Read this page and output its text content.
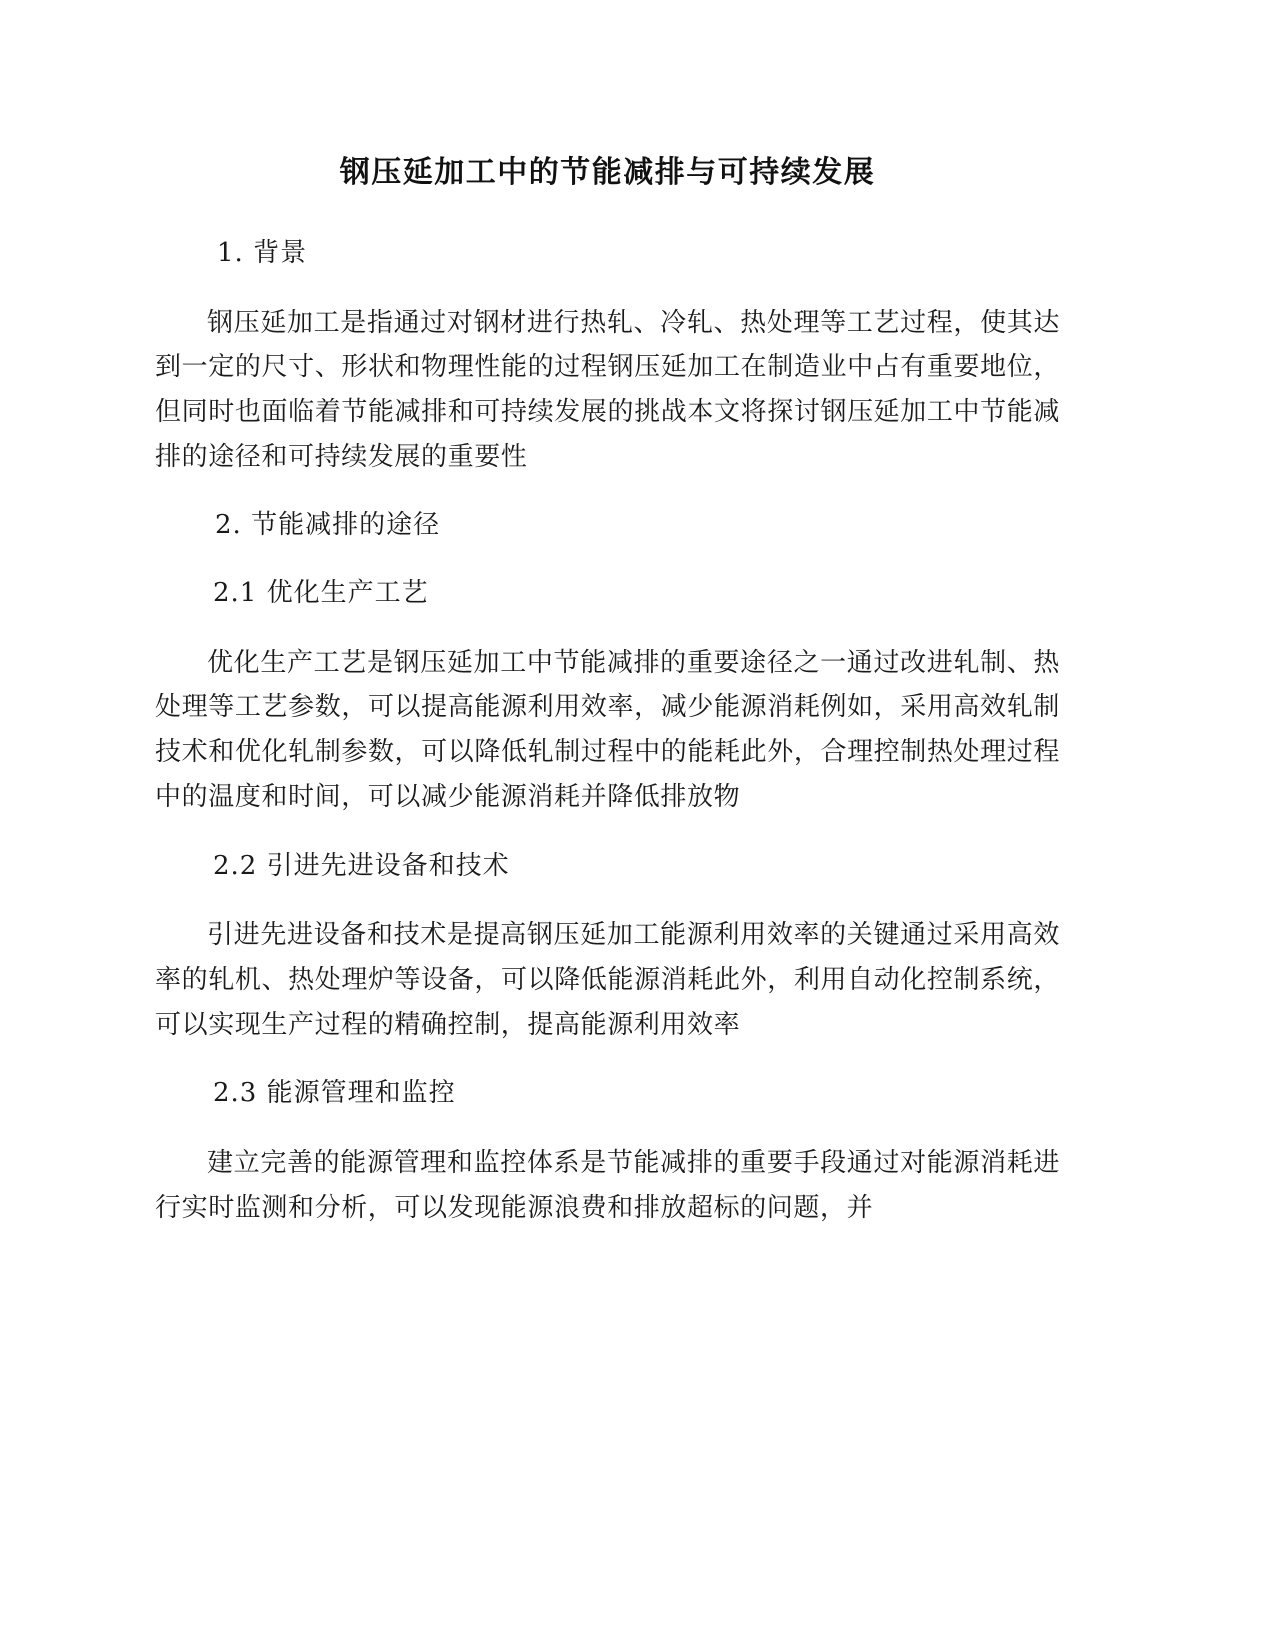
钢压延加工中的节能减排与可持续发展

1. 背景

钢压延加工是指通过对钢材进行热轧、冷轧、热处理等工艺过程，使其达到一定的尺寸、形状和物理性能的过程钢压延加工在制造业中占有重要地位，但同时也面临着节能减排和可持续发展的挑战本文将探讨钢压延加工中节能减排的途径和可持续发展的重要性

2. 节能减排的途径

2.1 优化生产工艺

优化生产工艺是钢压延加工中节能减排的重要途径之一通过改进轧制、热处理等工艺参数，可以提高能源利用效率，减少能源消耗例如，采用高效轧制技术和优化轧制参数，可以降低轧制过程中的能耗此外，合理控制热处理过程中的温度和时间，可以减少能源消耗并降低排放物

2.2 引进先进设备和技术

引进先进设备和技术是提高钢压延加工能源利用效率的关键通过采用高效率的轧机、热处理炉等设备，可以降低能源消耗此外，利用自动化控制系统，可以实现生产过程的精确控制，提高能源利用效率

2.3 能源管理和监控

建立完善的能源管理和监控体系是节能减排的重要手段通过对能源消耗进行实时监测和分析，可以发现能源浪费和排放超标的问题，并
